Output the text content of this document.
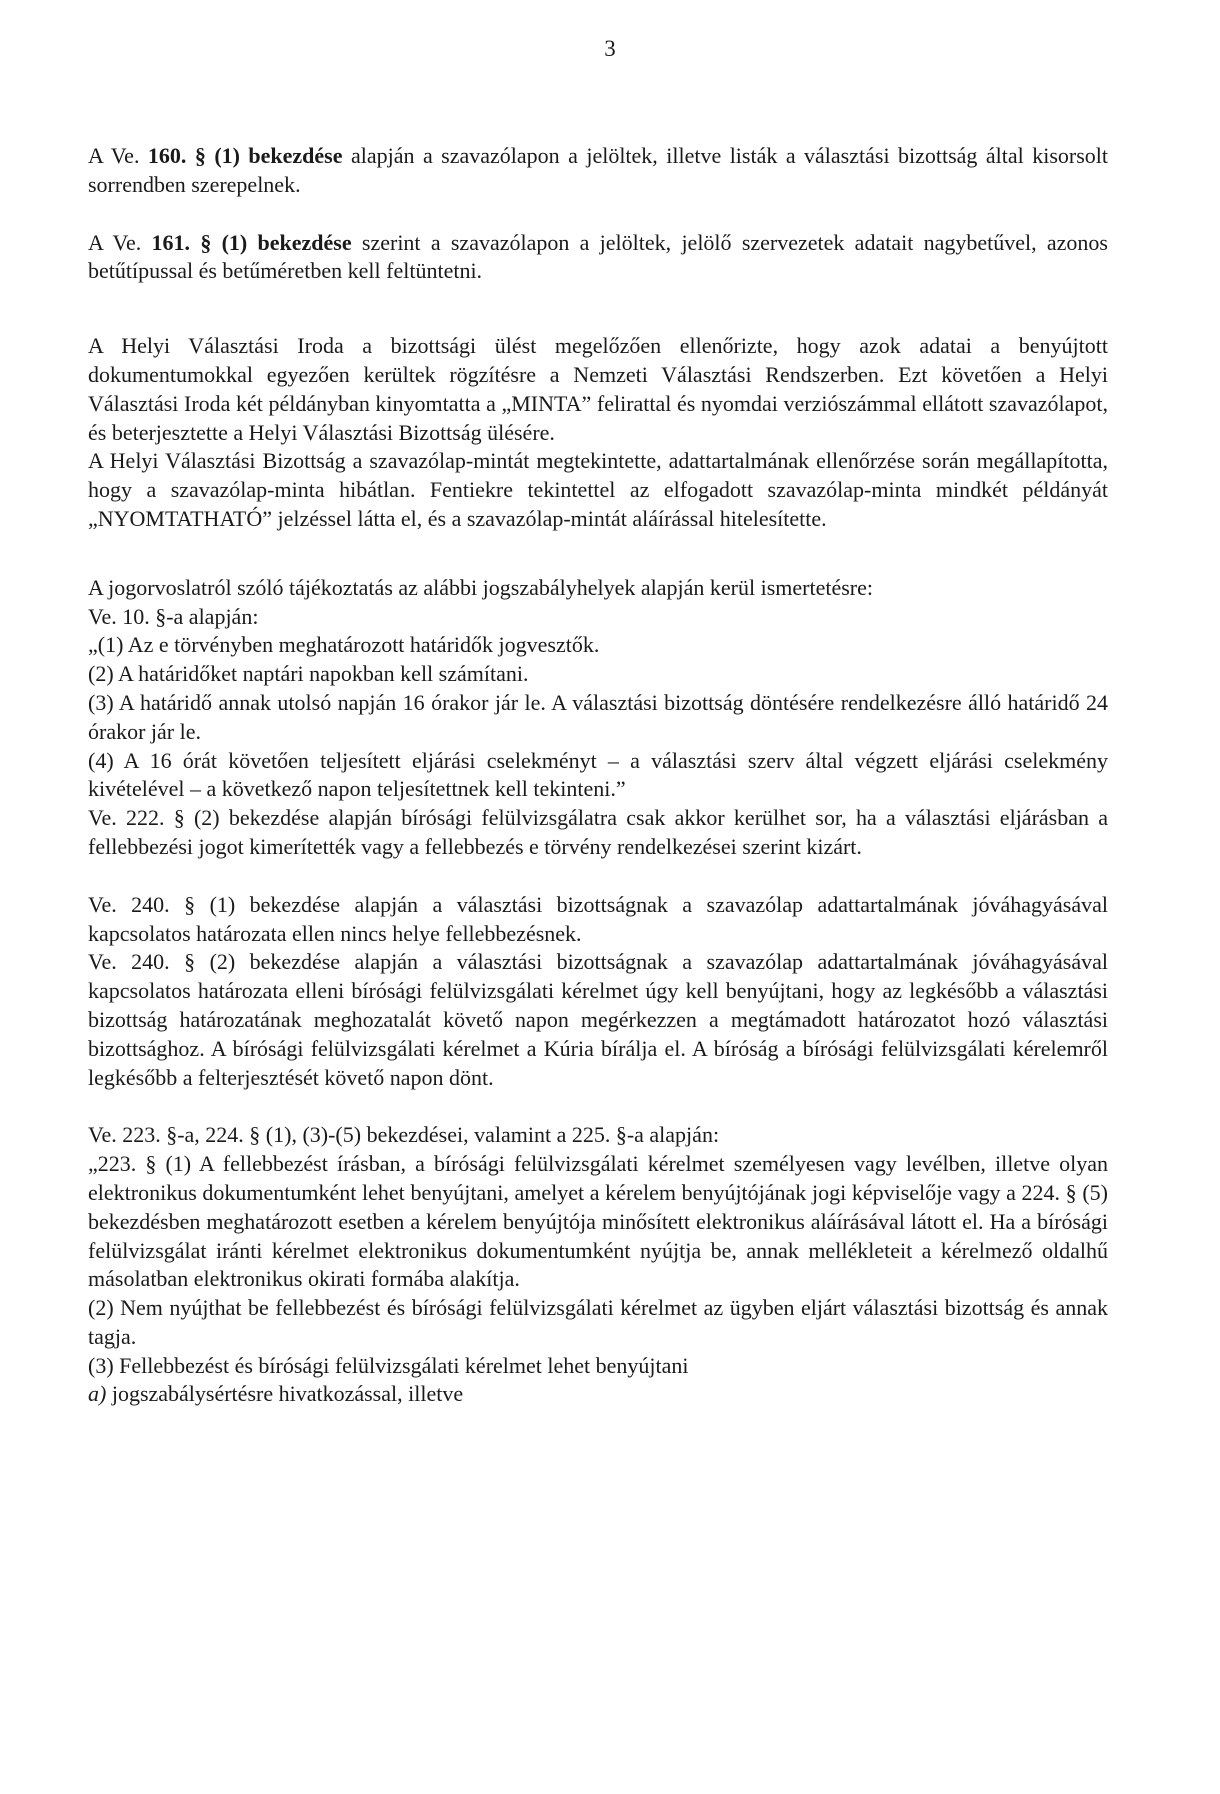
3

A Ve. 160. § (1) bekezdése alapján a szavazólapon a jelöltek, illetve listák a választási bizottság által kisorsolt sorrendben szerepelnek.

A Ve. 161. § (1) bekezdése szerint a szavazólapon a jelöltek, jelölő szervezetek adatait nagybetűvel, azonos betűtípussal és betűméretben kell feltüntetni.

A Helyi Választási Iroda a bizottsági ülést megelőzően ellenőrizte, hogy azok adatai a benyújtott dokumentumokkal egyezően kerültek rögzítésre a Nemzeti Választási Rendszerben. Ezt követően a Helyi Választási Iroda két példányban kinyomtatta a „MINTA” felirattal és nyomdai verziószámmal ellátott szavazólapot, és beterjesztette a Helyi Választási Bizottság ülésére.

A Helyi Választási Bizottság a szavazólap-mintát megtekintette, adattartalmának ellenőrzése során megállapította, hogy a szavazólap-minta hibátlan. Fentiekre tekintettel az elfogadott szavazólap-minta mindkét példányát „NYOMTATHATÓ” jelzéssel látta el, és a szavazólap-mintát aláírással hitelesítette.

A jogorvoslatról szóló tájékoztatás az alábbi jogszabályhelyek alapján kerül ismertetésre:

Ve. 10. §-a alapján:

„(1) Az e törvényben meghatározott határidők jogvesztők.

(2) A határidőket naptári napokban kell számítani.

(3) A határidő annak utolsó napján 16 órakor jár le. A választási bizottság döntésére rendelkezésre álló határidő 24 órakor jár le.

(4) A 16 órát követően teljesített eljárási cselekményt – a választási szerv által végzett eljárási cselekmény kivételével – a következő napon teljesítettnek kell tekinteni.”

Ve. 222. § (2) bekezdése alapján bírósági felülvizsgálatra csak akkor kerülhet sor, ha a választási eljárásban a fellebbezési jogot kimerítették vagy a fellebbezés e törvény rendelkezései szerint kizárt.

Ve. 240. § (1) bekezdése alapján a választási bizottságnak a szavazólap adattartalmának jóváhagyásával kapcsolatos határozata ellen nincs helye fellebbezésnek.

Ve. 240. § (2) bekezdése alapján a választási bizottságnak a szavazólap adattartalmának jóváhagyásával kapcsolatos határozata elleni bírósági felülvizsgálati kérelmet úgy kell benyújtani, hogy az legkésőbb a választási bizottság határozatának meghozatalát követő napon megérkezzen a megtámadott határozatot hozó választási bizottsághoz. A bírósági felülvizsgálati kérelmet a Kúria bírálja el. A bíróság a bírósági felülvizsgálati kérelemről legkésőbb a felterjesztését követő napon dönt.

Ve. 223. §-a, 224. § (1), (3)-(5) bekezdései, valamint a 225. §-a alapján:

„223. § (1) A fellebbezést írásban, a bírósági felülvizsgálati kérelmet személyesen vagy levélben, illetve olyan elektronikus dokumentumként lehet benyújtani, amelyet a kérelem benyújtójának jogi képviselője vagy a 224. § (5) bekezdésben meghatározott esetben a kérelem benyújtója minősített elektronikus aláírásával látott el. Ha a bírósági felülvizsgálat iránti kérelmet elektronikus dokumentumként nyújtja be, annak mellékleteit a kérelmező oldalhű másolatban elektronikus okirati formába alakítja.

(2) Nem nyújthat be fellebbezést és bírósági felülvizsgálati kérelmet az ügyben eljárt választási bizottság és annak tagja.

(3) Fellebbezést és bírósági felülvizsgálati kérelmet lehet benyújtani

a) jogszabálysértésre hivatkozással, illetve
